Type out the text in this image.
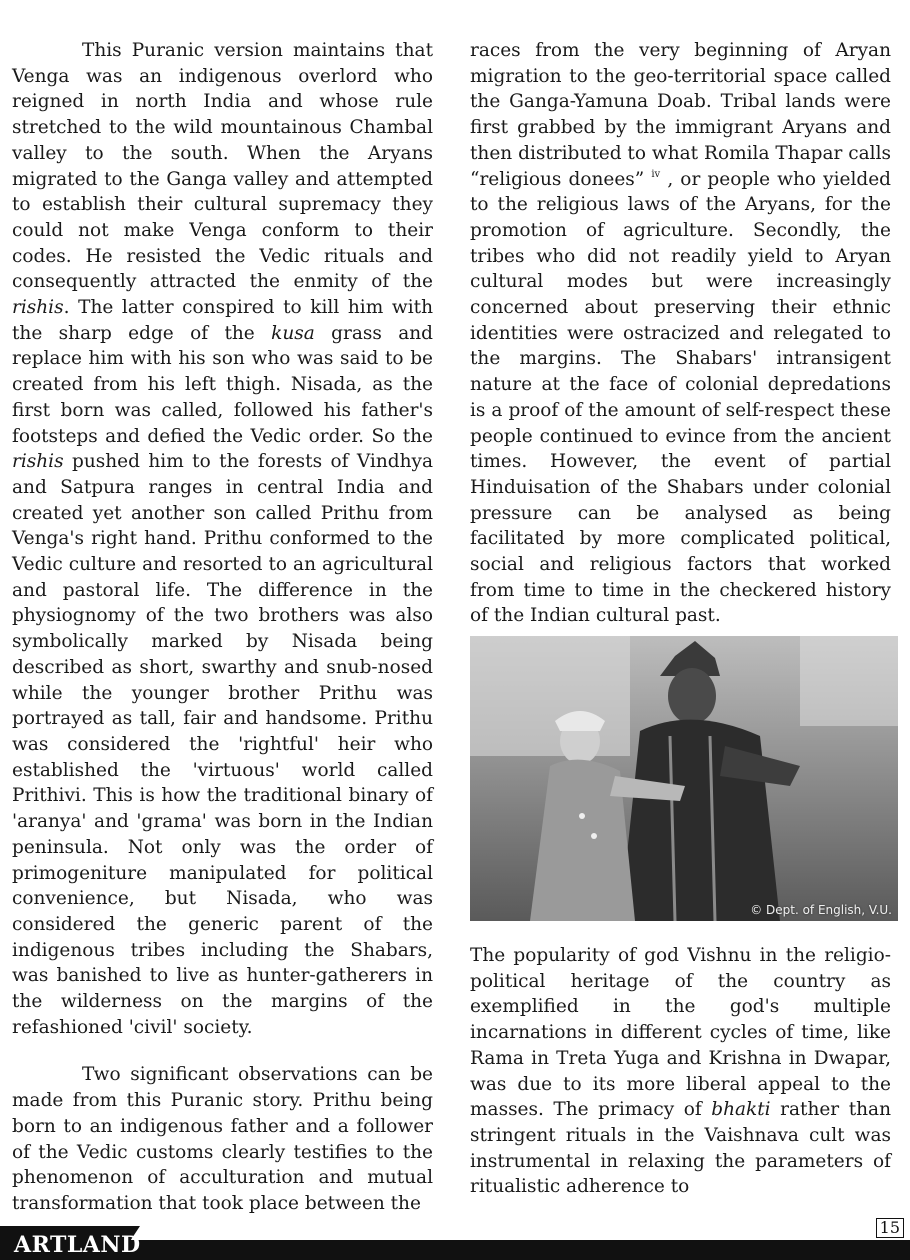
This Puranic version maintains that Venga was an indigenous overlord who reigned in north India and whose rule stretched to the wild mountainous Chambal valley to the south. When the Aryans migrated to the Ganga valley and attempted to establish their cultural supremacy they could not make Venga conform to their codes. He resisted the Vedic rituals and consequently attracted the enmity of the rishis. The latter conspired to kill him with the sharp edge of the kusa grass and replace him with his son who was said to be created from his left thigh. Nisada, as the first born was called, followed his father's footsteps and defied the Vedic order. So the rishis pushed him to the forests of Vindhya and Satpura ranges in central India and created yet another son called Prithu from Venga's right hand. Prithu conformed to the Vedic culture and resorted to an agricultural and pastoral life. The difference in the physiognomy of the two brothers was also symbolically marked by Nisada being described as short, swarthy and snub-nosed while the younger brother Prithu was portrayed as tall, fair and handsome. Prithu was considered the 'rightful' heir who established the 'virtuous' world called Prithivi. This is how the traditional binary of 'aranya' and 'grama' was born in the Indian peninsula. Not only was the order of primogeniture manipulated for political convenience, but Nisada, who was considered the generic parent of the indigenous tribes including the Shabars, was banished to live as hunter-gatherers in the wilderness on the margins of the refashioned 'civil' society.

Two significant observations can be made from this Puranic story. Prithu being born to an indigenous father and a follower of the Vedic customs clearly testifies to the phenomenon of acculturation and mutual transformation that took place between the

races from the very beginning of Aryan migration to the geo-territorial space called the Ganga-Yamuna Doab. Tribal lands were first grabbed by the immigrant Aryans and then distributed to what Romila Thapar calls “religious donees” $^{iv}$ , or people who yielded to the religious laws of the Aryans, for the promotion of agriculture. Secondly, the tribes who did not readily yield to Aryan cultural modes but were increasingly concerned about preserving their ethnic identities were ostracized and relegated to the margins. The Shabars' intransigent nature at the face of colonial depredations is a proof of the amount of self-respect these people continued to evince from the ancient times. However, the event of partial Hinduisation of the Shabars under colonial pressure can be analysed as being facilitated by more complicated political, social and religious factors that worked from time to time in the checkered history of the Indian cultural past.

© Dept. of English, V.U.

The popularity of god Vishnu in the religio-political heritage of the country as exemplified in the god's multiple incarnations in different cycles of time, like Rama in Treta Yuga and Krishna in Dwapar, was due to its more liberal appeal to the masses. The primacy of bhakti rather than stringent rituals in the Vaishnava cult was instrumental in relaxing the parameters of ritualistic adherence to

ARTLAND
15
